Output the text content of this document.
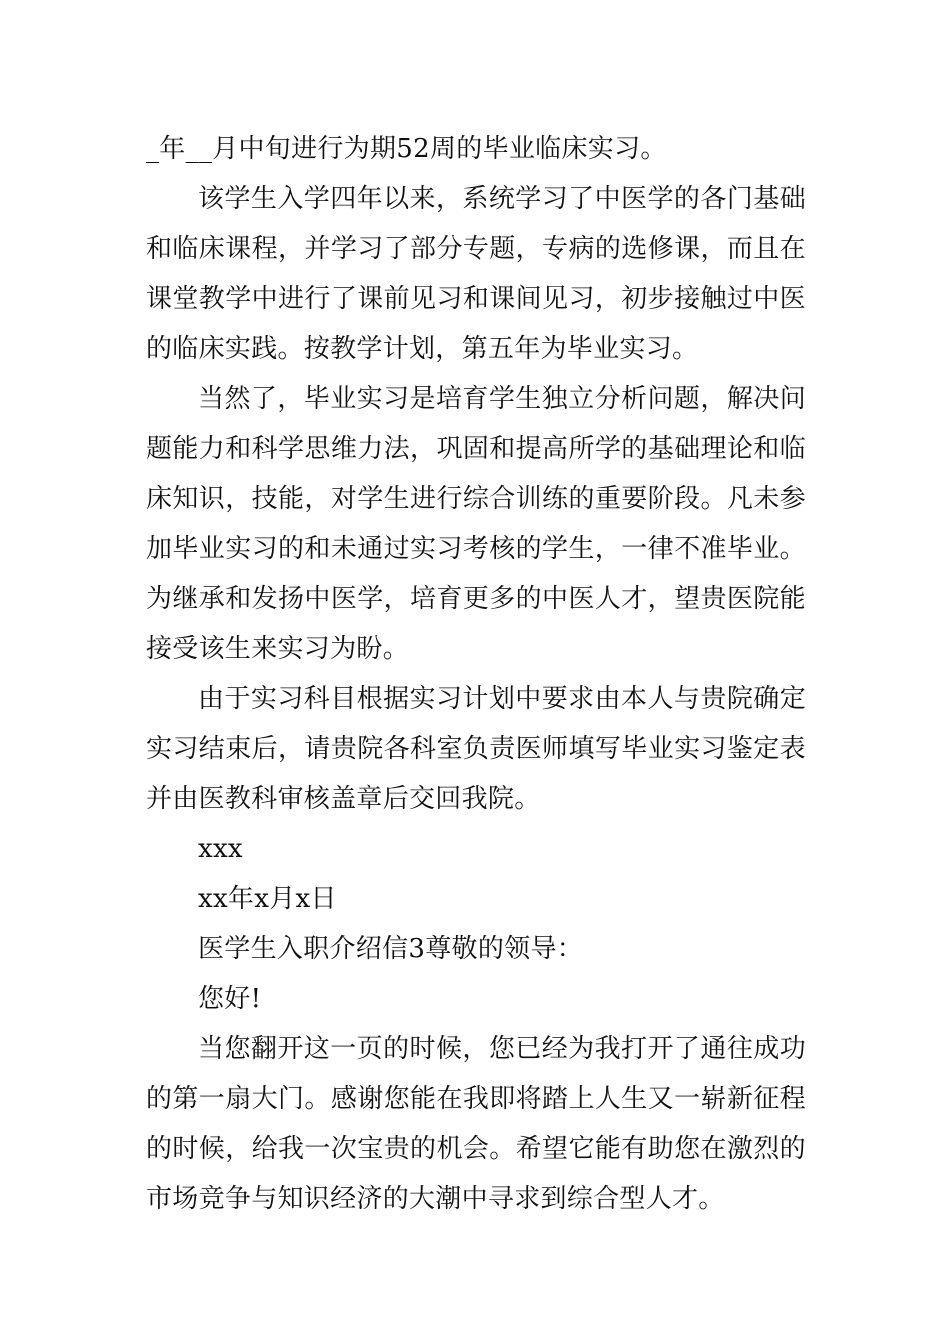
_年__月中旬进行为期52周的毕业临床实习。

该学生入学四年以来，系统学习了中医学的各门基础和临床课程，并学习了部分专题，专病的选修课，而且在课堂教学中进行了课前见习和课间见习，初步接触过中医的临床实践。按教学计划，第五年为毕业实习。

当然了，毕业实习是培育学生独立分析问题，解决问题能力和科学思维力法，巩固和提高所学的基础理论和临床知识，技能，对学生进行综合训练的重要阶段。凡未参加毕业实习的和未通过实习考核的学生，一律不准毕业。为继承和发扬中医学，培育更多的中医人才，望贵医院能接受该生来实习为盼。

由于实习科目根据实习计划中要求由本人与贵院确定实习结束后，请贵院各科室负责医师填写毕业实习鉴定表并由医教科审核盖章后交回我院。

xxx

xx年x月x日

医学生入职介绍信3尊敬的领导：

您好!

当您翻开这一页的时候，您已经为我打开了通往成功的第一扇大门。感谢您能在我即将踏上人生又一崭新征程的时候，给我一次宝贵的机会。希望它能有助您在激烈的市场竞争与知识经济的大潮中寻求到综合型人才。
